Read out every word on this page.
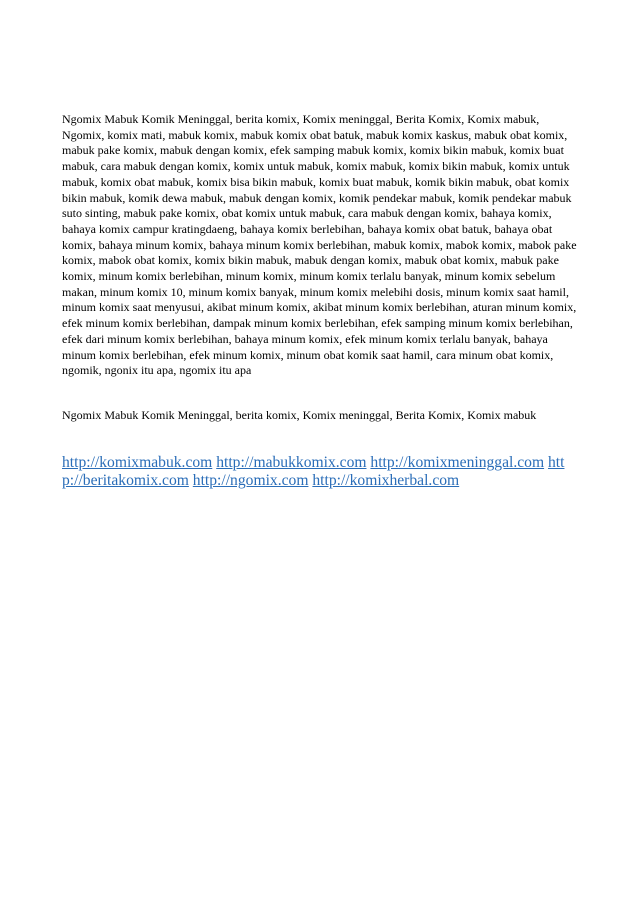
Ngomix Mabuk Komik Meninggal, berita komix, Komix meninggal, Berita Komix, Komix mabuk, Ngomix, komix mati, mabuk komix, mabuk komix obat batuk, mabuk komix kaskus, mabuk obat komix, mabuk pake komix, mabuk dengan komix, efek samping mabuk komix, komix bikin mabuk, komix buat mabuk, cara mabuk dengan komix, komix untuk mabuk, komix mabuk, komix bikin mabuk, komix untuk mabuk, komix obat mabuk, komix bisa bikin mabuk, komix buat mabuk, komik bikin mabuk, obat komix bikin mabuk, komik dewa mabuk, mabuk dengan komix, komik pendekar mabuk, komik pendekar mabuk suto sinting, mabuk pake komix, obat komix untuk mabuk, cara mabuk dengan komix, bahaya komix, bahaya komix campur kratingdaeng, bahaya komix berlebihan, bahaya komix obat batuk, bahaya obat komix, bahaya minum komix, bahaya minum komix berlebihan, mabuk komix, mabok komix, mabok pake komix, mabok obat komix, komix bikin mabuk, mabuk dengan komix, mabuk obat komix, mabuk pake komix, minum komix berlebihan, minum komix, minum komix terlalu banyak, minum komix sebelum makan, minum komix 10, minum komix banyak, minum komix melebihi dosis, minum komix saat hamil, minum komix saat menyusui, akibat minum komix, akibat minum komix berlebihan, aturan minum komix, efek minum komix berlebihan, dampak minum komix berlebihan, efek samping minum komix berlebihan, efek dari minum komix berlebihan, bahaya minum komix, efek minum komix terlalu banyak, bahaya minum komix berlebihan, efek minum komix, minum obat komik saat hamil, cara minum obat komix, ngomik, ngonix itu apa, ngomix itu apa

Ngomix Mabuk Komik Meninggal, berita komix, Komix meninggal, Berita Komix, Komix mabuk

http://komixmabuk.com http://mabukkomix.com http://komixmeninggal.com http://beritakomix.com http://ngomix.com http://komixherbal.com
